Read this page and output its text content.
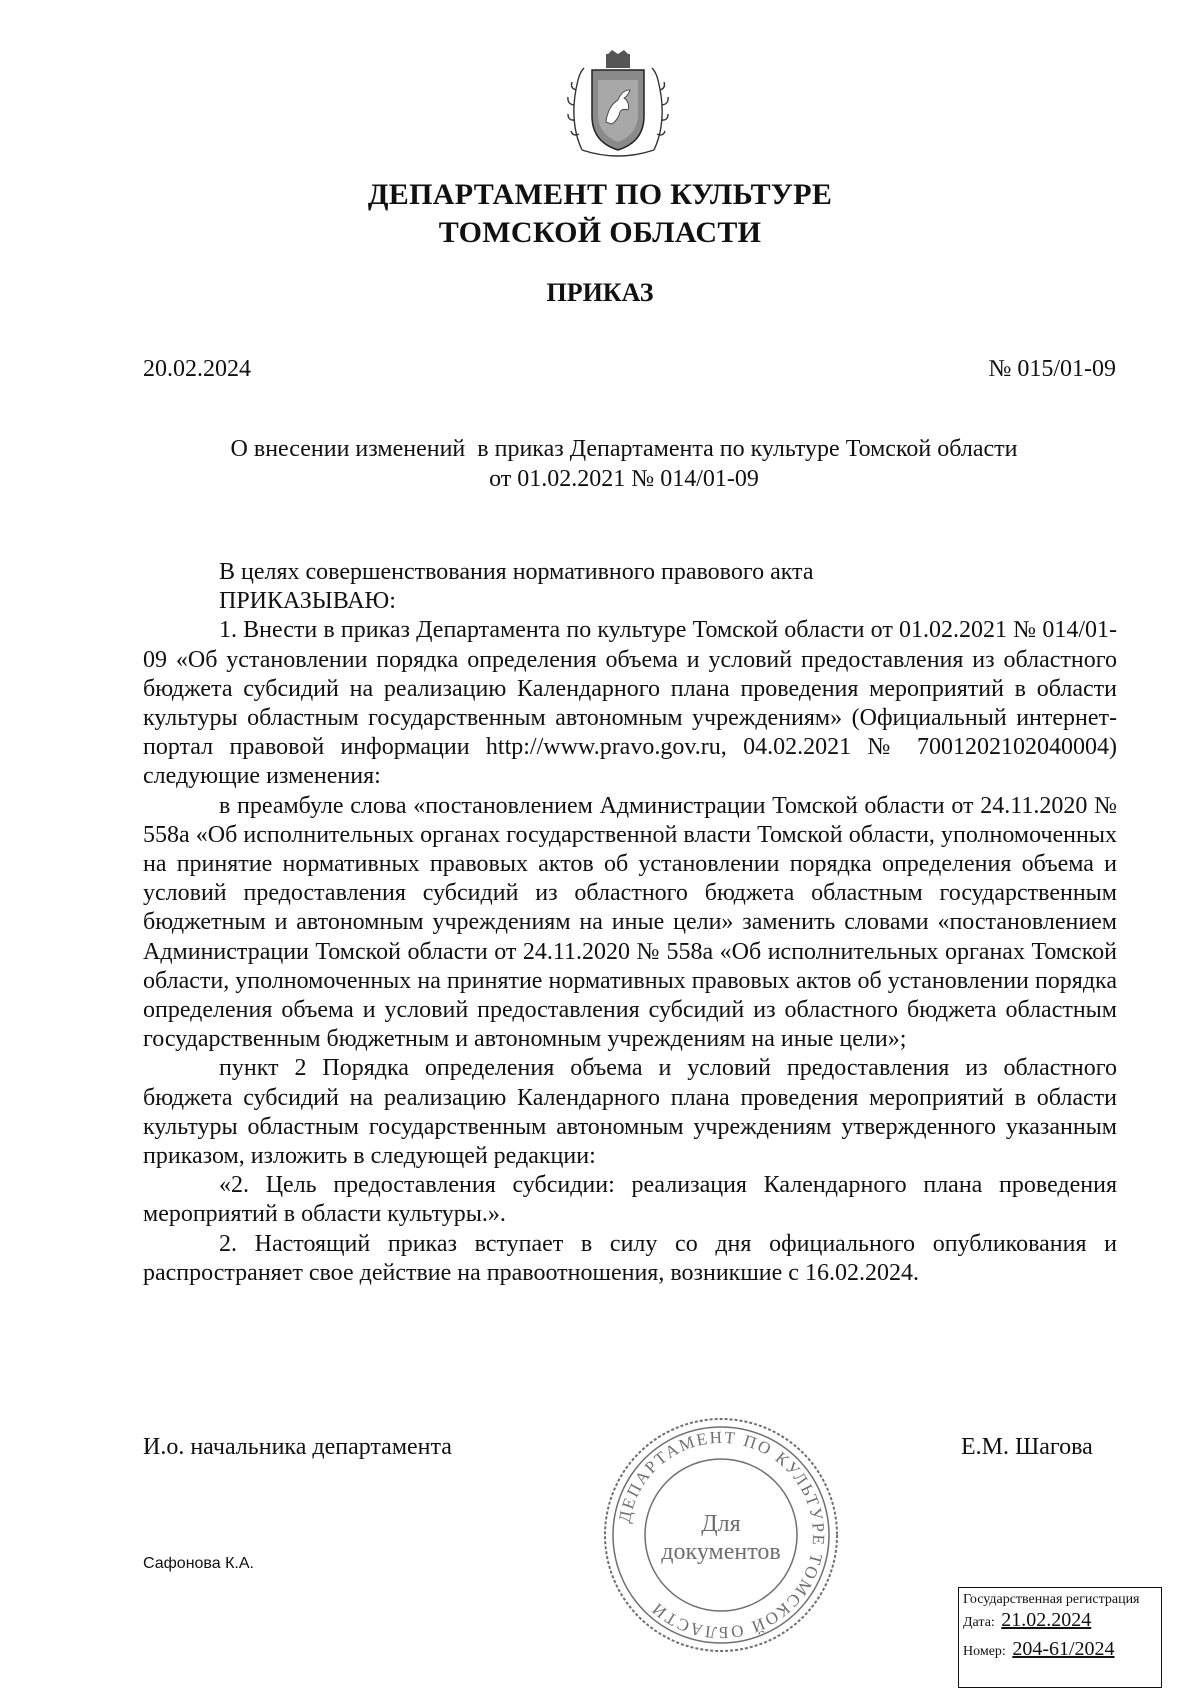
ДЕПАРТАМЕНТ ПО КУЛЬТУРЕ
ТОМСКОЙ ОБЛАСТИ
ПРИКАЗ
20.02.2024	№ 015/01-09
О внесении изменений  в приказ Департамента по культуре Томской области
от 01.02.2021 № 014/01-09

В целях совершенствования нормативного правового акта

ПРИКАЗЫВАЮ:

1. Внести в приказ Департамента по культуре Томской области от 01.02.2021 № 014/01-09 «Об установлении порядка определения объема и условий предоставления из областного бюджета субсидий на реализацию Календарного плана проведения мероприятий в области культуры областным государственным автономным учреждениям» (Официальный интернет-портал правовой информации http://www.pravo.gov.ru, 04.02.2021 № 7001202102040004) следующие изменения:

в преамбуле слова «постановлением Администрации Томской области от 24.11.2020 № 558а «Об исполнительных органах государственной власти Томской области, уполномоченных на принятие нормативных правовых актов об установлении порядка определения объема и условий предоставления субсидий из областного бюджета областным государственным бюджетным и автономным учреждениям на иные цели» заменить словами «постановлением Администрации Томской области от 24.11.2020 № 558а «Об исполнительных органах Томской области, уполномоченных на принятие нормативных правовых актов об установлении порядка определения объема и условий предоставления субсидий из областного бюджета областным государственным бюджетным и автономным учреждениям на иные цели»;

пункт 2 Порядка определения объема и условий предоставления из областного бюджета субсидий на реализацию Календарного плана проведения мероприятий в области культуры областным государственным автономным учреждениям утвержденного указанным приказом, изложить в следующей редакции:

«2. Цель предоставления субсидии: реализация Календарного плана проведения мероприятий в области культуры.».

2. Настоящий приказ вступает в силу со дня официального опубликования и распространяет свое действие на правоотношения, возникшие с 16.02.2024.

И.о. начальника департамента	Е.М. Шагова
ДЕПАРТАМЕНТ ПО КУЛЬТУРЕ ТОМСКОЙ ОБЛАСТИ
Для
документов
Сафонова К.А.
Государственная регистрация
Дата: 21.02.2024
Номер: 204-61/2024
